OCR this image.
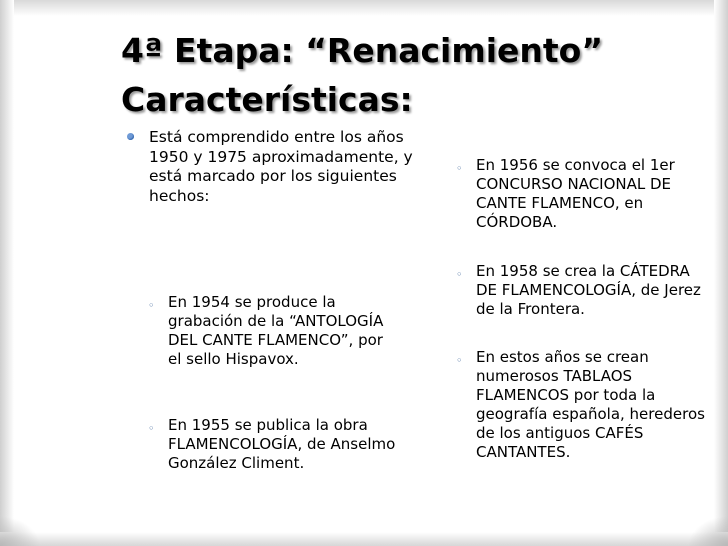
4ª Etapa: “Renacimiento”
Características:
Está comprendido entre los años 1950 y 1975 aproximadamente, y está marcado por los siguientes hechos:
◦ En 1954 se produce la grabación de la “ANTOLOGÍA DEL CANTE FLAMENCO”, por el sello Hispavox.
◦ En 1955 se publica la obra FLAMENCOLOGÍA, de Anselmo González Climent.
◦ En 1956 se convoca el 1er CONCURSO NACIONAL DE CANTE FLAMENCO, en CÓRDOBA.
◦ En 1958 se crea la CÁTEDRA DE FLAMENCOLOGÍA, de Jerez de la Frontera.
◦ En estos años se crean numerosos TABLAOS FLAMENCOS por toda la geografía española, herederos de los antiguos CAFÉS CANTANTES.
